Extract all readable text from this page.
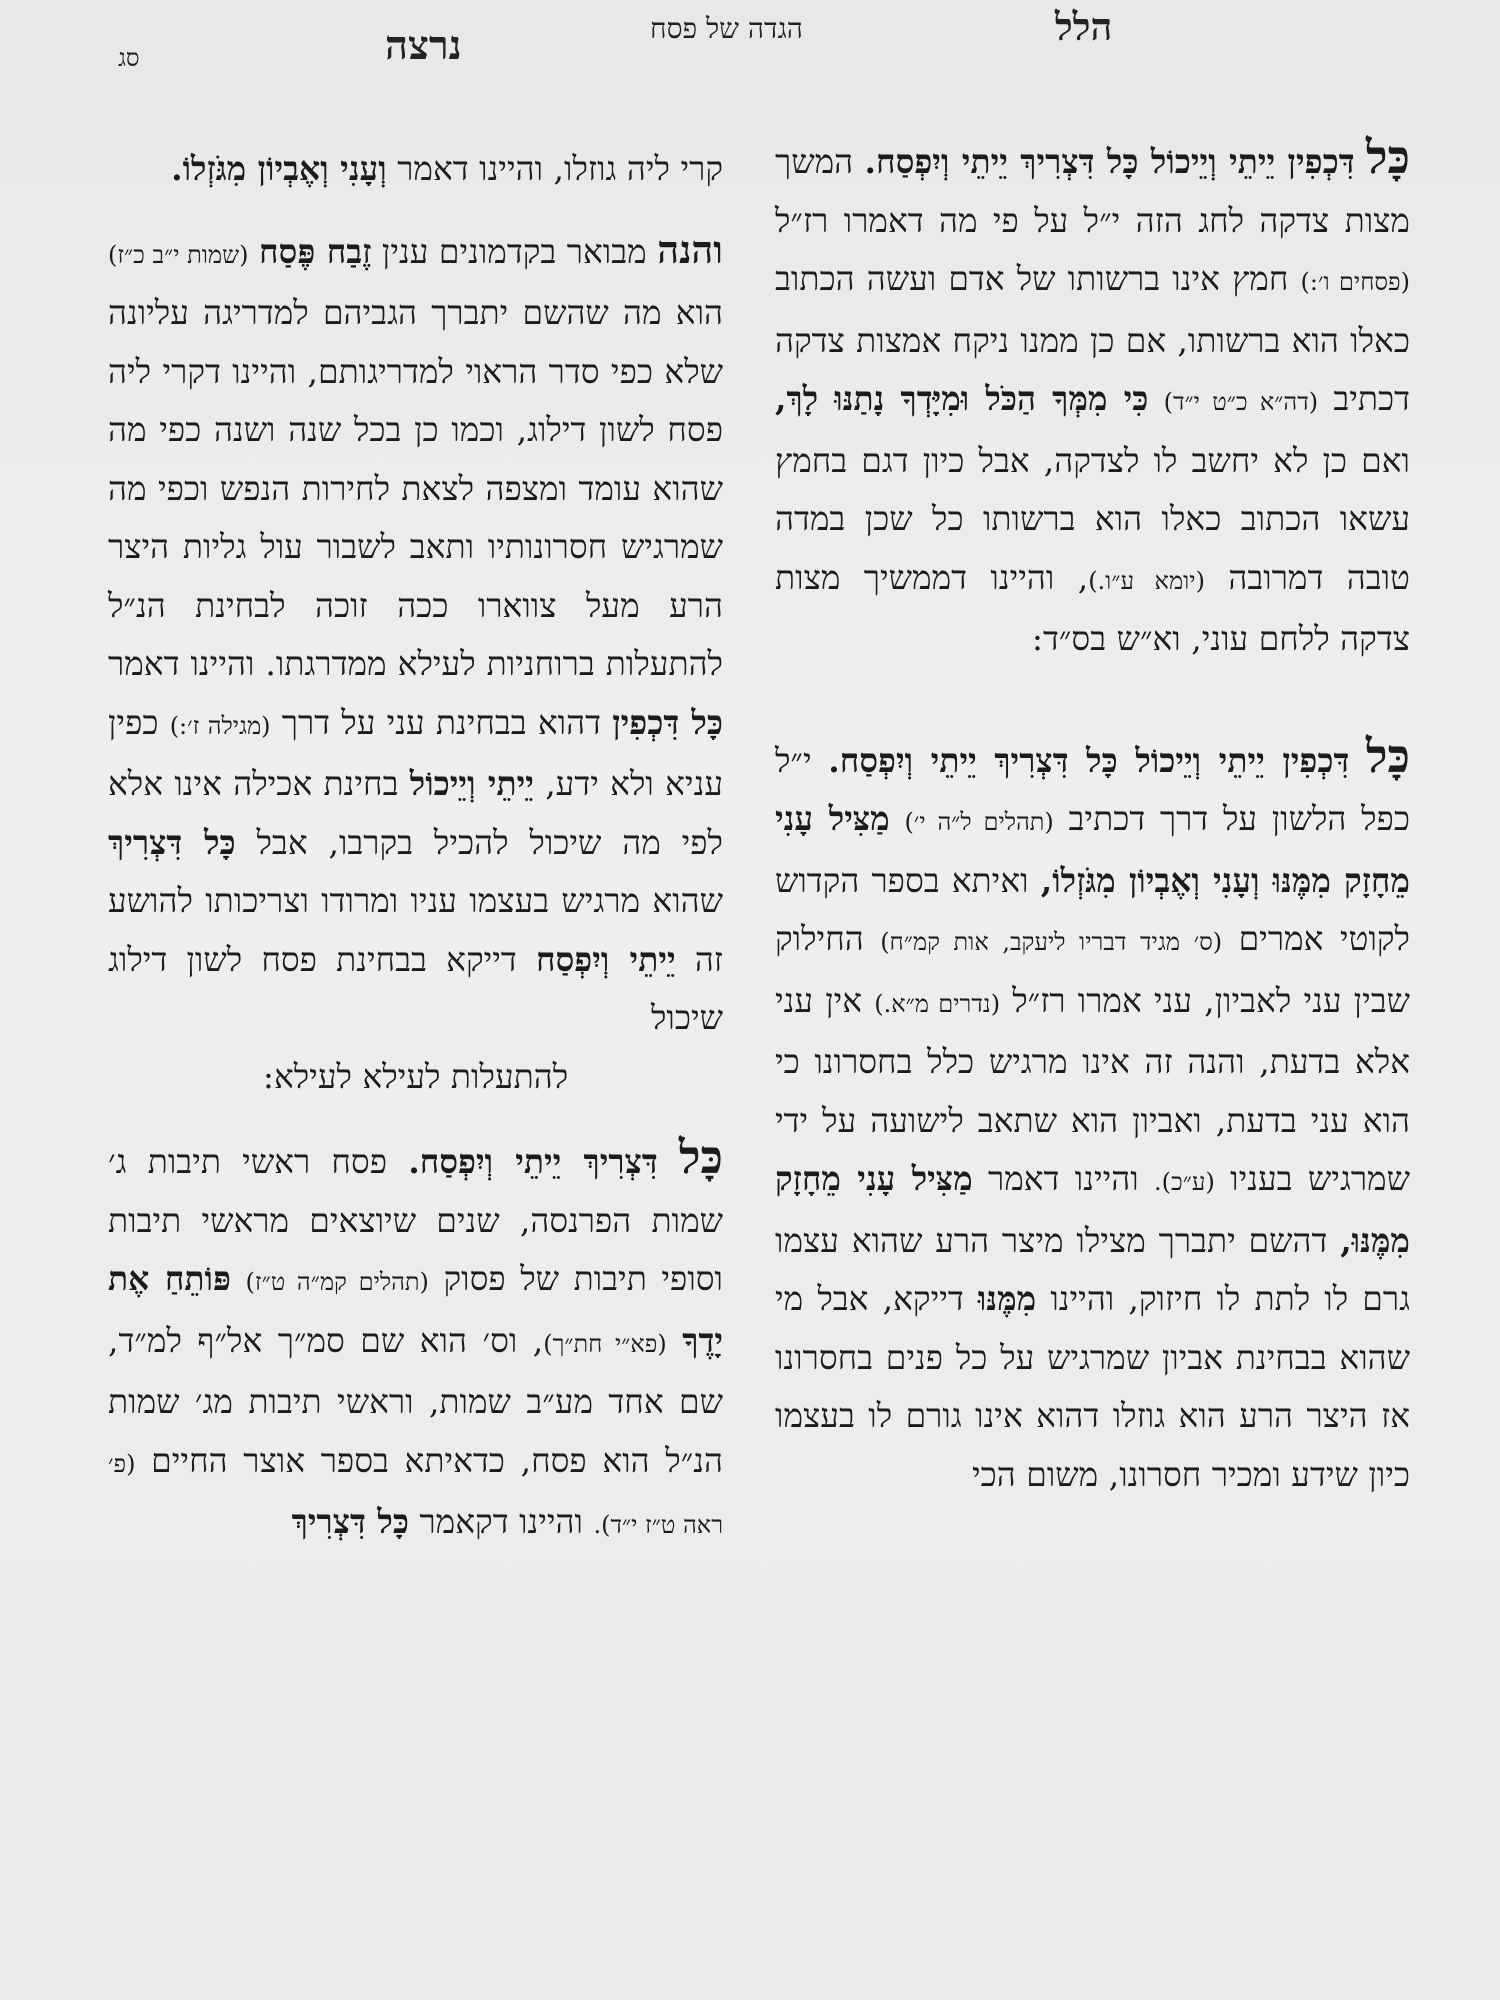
הלל
הגדה של פסח
נרצה
סג

כָּל דִּכְפִין יֵיתֵי וְיֵיכוֹל כָּל דִּצְרִיךְ יֵיתֵי וְיִפְסַח. המשך מצות צדקה לחג הזה י״ל על פי מה דאמרו רז״ל (פסחים ו׳:) חמץ אינו ברשותו של אדם ועשה הכתוב כאלו הוא ברשותו, אם כן ממנו ניקח אמצות צדקה דכתיב (דה״א כ״ט י״ד) כִּי מִמְּךָ הַכֹּל וּמִיָּדְךָ נָתַנּוּ לָךְ, ואם כן לא יחשב לו לצדקה, אבל כיון דגם בחמץ עשאו הכתוב כאלו הוא ברשותו כל שכן במדה טובה דמרובה (יומא ע״ו.), והיינו דממשיך מצות צדקה ללחם עוני, וא״ש בס״ד:

כָּל דִּכְפִין יֵיתֵי וְיֵיכוֹל כָּל דִּצְרִיךְ יֵיתֵי וְיִפְסַח. י״ל כפל הלשון על דרך דכתיב (תהלים ל״ה י׳) מַצִּיל עָנִי מֵחָזָק מִמֶּנּוּ וְעָנִי וְאֶבְיוֹן מִגֹּזְלוֹ, ואיתא בספר הקדוש לקוטי אמרים (ס׳ מגיד דבריו ליעקב, אות קמ״ח) החילוק שבין עני לאביון, עני אמרו רז״ל (נדרים מ״א.) אין עני אלא בדעת, והנה זה אינו מרגיש כלל בחסרונו כי הוא עני בדעת, ואביון הוא שתאב לישועה על ידי שמרגיש בעניו (ע״כ). והיינו דאמר מַצִּיל עָנִי מֵחָזָק מִמֶּנּוּ, דהשם יתברך מצילו מיצר הרע שהוא עצמו גרם לו לתת לו חיזוק, והיינו מִמֶּנּוּ דייקא, אבל מי שהוא בבחינת אביון שמרגיש על כל פנים בחסרונו אז היצר הרע הוא גוזלו דהוא אינו גורם לו בעצמו כיון שידע ומכיר חסרונו, משום הכי

קרי ליה גוזלו, והיינו דאמר וְעָנִי וְאֶבְיוֹן מִגֹּזְלוֹ.

והנה מבואר בקדמונים ענין זֶבַח פֶּסַח (שמות י״ב כ״ז) הוא מה שהשם יתברך הגביהם למדריגה עליונה שלא כפי סדר הראוי למדריגותם, והיינו דקרי ליה פסח לשון דילוג, וכמו כן בכל שנה ושנה כפי מה שהוא עומד ומצפה לצאת לחירות הנפש וכפי מה שמרגיש חסרונותיו ותאב לשבור עול גליות היצר הרע מעל צווארו ככה זוכה לבחינת הנ״ל להתעלות ברוחניות לעילא ממדרגתו. והיינו דאמר כָּל דִּכְפִין דהוא בבחינת עני על דרך (מגילה ז׳:) כפין עניא ולא ידע, יֵיתֵי וְיֵיכוֹל בחינת אכילה אינו אלא לפי מה שיכול להכיל בקרבו, אבל כָּל דִּצְרִיךְ שהוא מרגיש בעצמו עניו ומרודו וצריכותו להושע זה יֵיתֵי וְיִפְסַח דייקא בבחינת פסח לשון דילוג שיכול

להתעלות לעילא לעילא:

כָּל דִּצְרִיךְ יֵיתֵי וְיִפְסַח. פסח ראשי תיבות ג׳ שמות הפרנסה, שנים שיוצאים מראשי תיבות וסופי תיבות של פסוק (תהלים קמ״ה ט״ז) פּוֹתֵחַ אֶת יָדֶךָ (פא״י חת״ך), וס׳ הוא שם סמ״ך אל״ף למ״ד, שם אחד מע״ב שמות, וראשי תיבות מג׳ שמות הנ״ל הוא פסח, כדאיתא בספר אוצר החיים (פ׳ ראה ט״ז י״ד). והיינו דקאמר כָּל דִּצְרִיךְ
